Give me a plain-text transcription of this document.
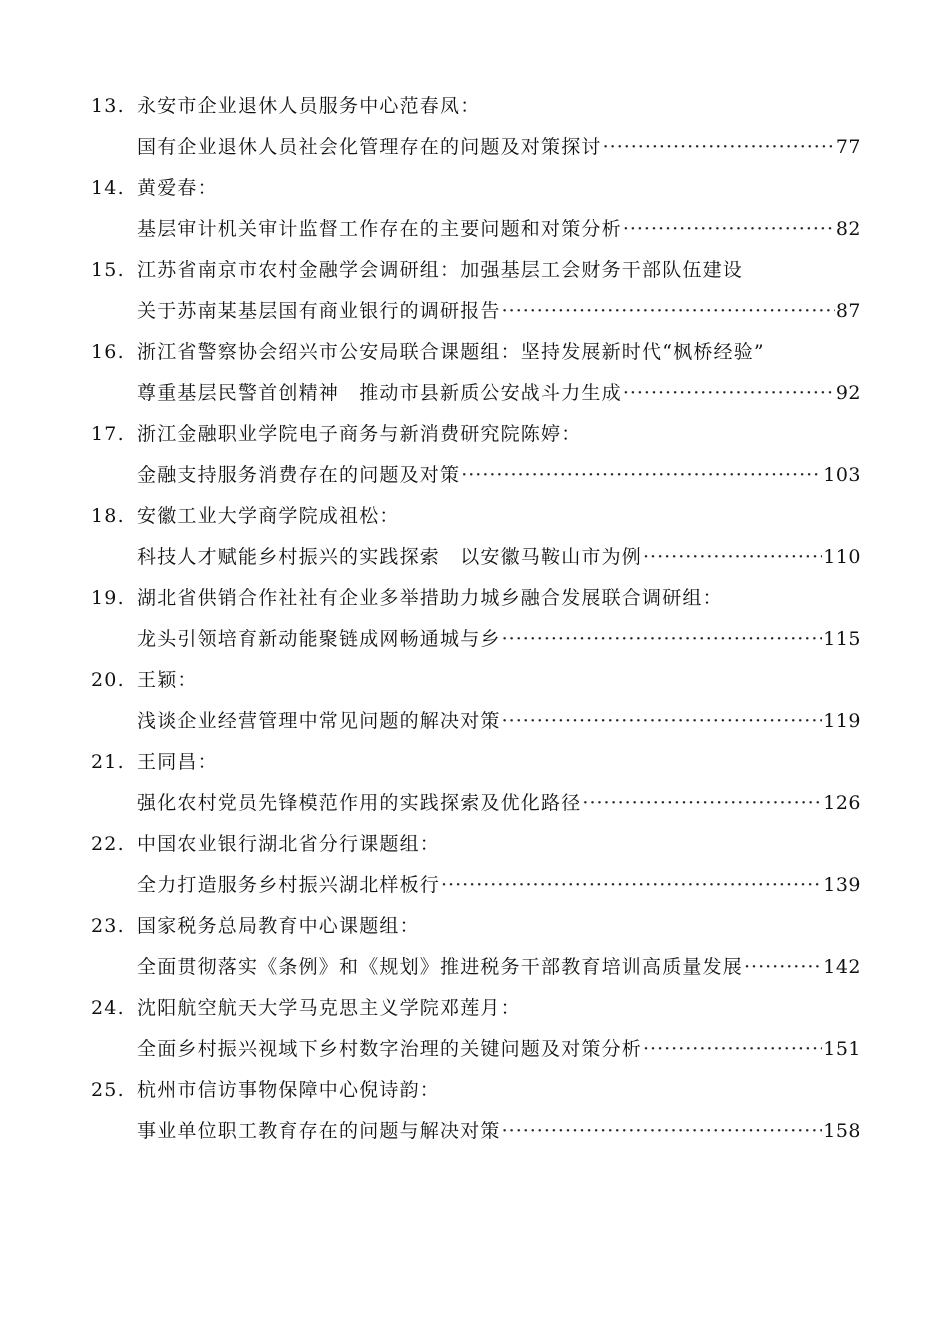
13. 永安市企业退休人员服务中心范春凤：
国有企业退休人员社会化管理存在的问题及对策探讨 ·····	77
14. 黄爱春：
基层审计机关审计监督工作存在的主要问题和对策分析 ·····	82
15. 江苏省南京市农村金融学会调研组：加强基层工会财务干部队伍建设
关于苏南某基层国有商业银行的调研报告 ·····	87
16. 浙江省警察协会绍兴市公安局联合课题组：坚持发展新时代“枫桥经验”
尊重基层民警首创精神　推动市县新质公安战斗力生成 ·····	92
17. 浙江金融职业学院电子商务与新消费研究院陈婷：
金融支持服务消费存在的问题及对策 ·····	103
18. 安徽工业大学商学院成祖松：
科技人才赋能乡村振兴的实践探索　以安徽马鞍山市为例 ·····	110
19. 湖北省供销合作社社有企业多举措助力城乡融合发展联合调研组：
龙头引领培育新动能聚链成网畅通城与乡 ·····	115
20. 王颖：
浅谈企业经营管理中常见问题的解决对策 ·····	119
21. 王同昌：
强化农村党员先锋模范作用的实践探索及优化路径 ·····	126
22. 中国农业银行湖北省分行课题组：
全力打造服务乡村振兴湖北样板行 ·····	139
23. 国家税务总局教育中心课题组：
全面贯彻落实《条例》和《规划》推进税务干部教育培训高质量发展 ·····	142
24. 沈阳航空航天大学马克思主义学院邓莲月：
全面乡村振兴视域下乡村数字治理的关键问题及对策分析 ·····	151
25. 杭州市信访事物保障中心倪诗韵：
事业单位职工教育存在的问题与解决对策 ·····	158
